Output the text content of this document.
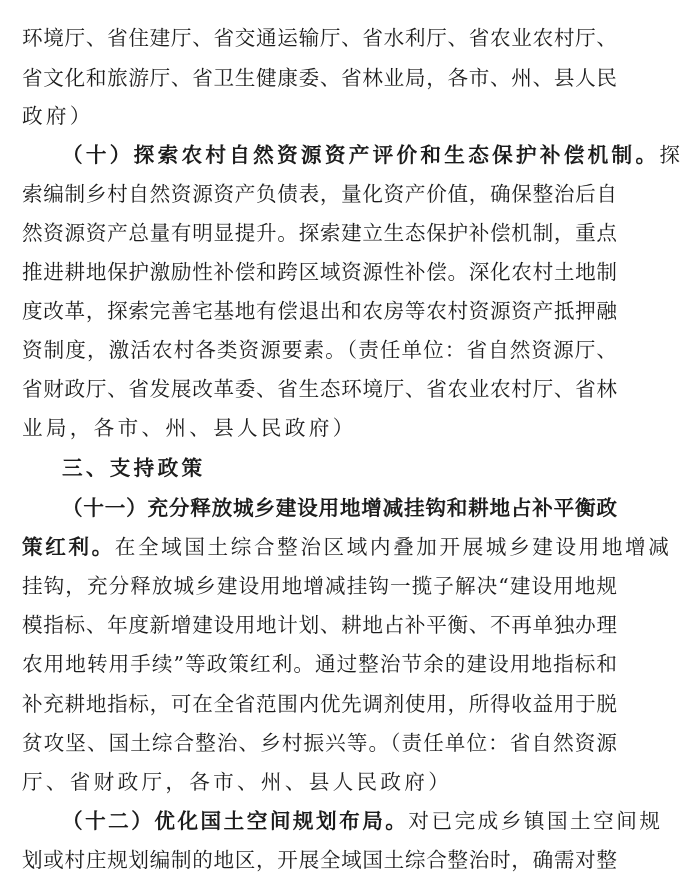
环境厅、省住建厅、省交通运输厅、省水利厅、省农业农村厅、
省文化和旅游厅、省卫生健康委、省林业局，各市、州、县人民
政府）
（十）探索农村自然资源资产评价和生态保护补偿机制。探
索编制乡村自然资源资产负债表，量化资产价值，确保整治后自
然资源资产总量有明显提升。探索建立生态保护补偿机制，重点
推进耕地保护激励性补偿和跨区域资源性补偿。深化农村土地制
度改革，探索完善宅基地有偿退出和农房等农村资源资产抵押融
资制度，激活农村各类资源要素。（责任单位：省自然资源厅、
省财政厅、省发展改革委、省生态环境厅、省农业农村厅、省林
业局，各市、州、县人民政府）
三、支持政策
（十一）充分释放城乡建设用地增减挂钩和耕地占补平衡政
策红利。在全域国土综合整治区域内叠加开展城乡建设用地增减
挂钩，充分释放城乡建设用地增减挂钩一揽子解决“建设用地规
模指标、年度新增建设用地计划、耕地占补平衡、不再单独办理
农用地转用手续”等政策红利。通过整治节余的建设用地指标和
补充耕地指标，可在全省范围内优先调剂使用，所得收益用于脱
贫攻坚、国土综合整治、乡村振兴等。（责任单位：省自然资源
厅、省财政厅，各市、州、县人民政府）
（十二）优化国土空间规划布局。对已完成乡镇国土空间规
划或村庄规划编制的地区，开展全域国土综合整治时，确需对整
